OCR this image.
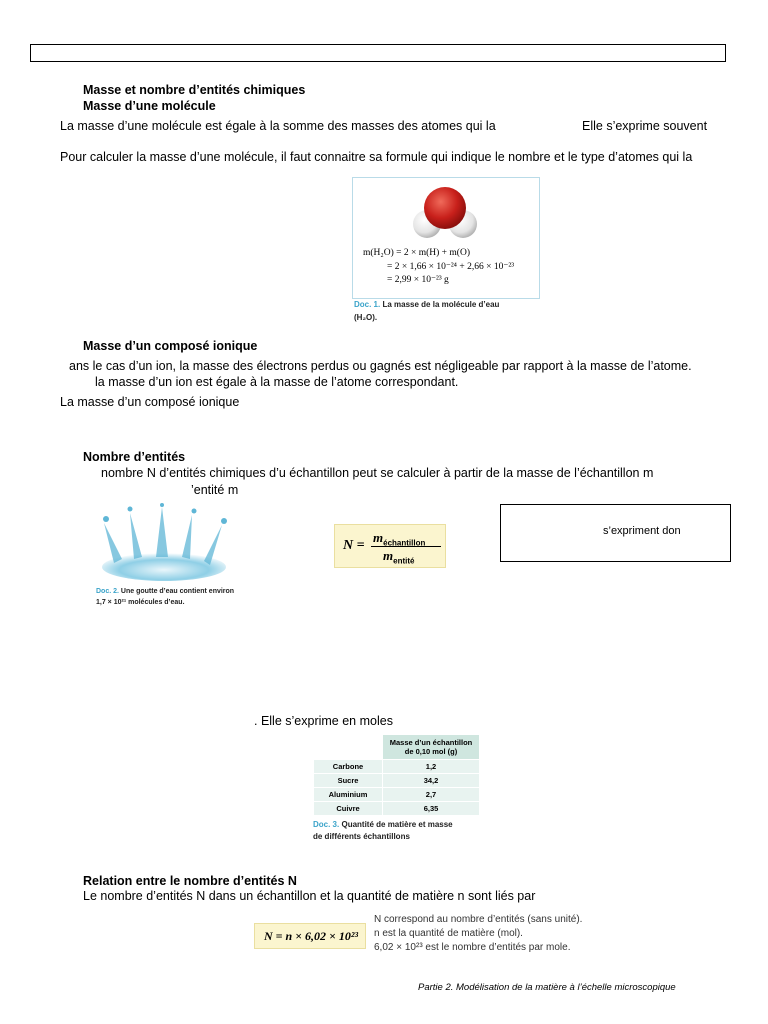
Masse et nombre d’entités chimiques
Masse d’une molécule
La masse d’une molécule est égale à la somme des masses des atomes qui la	Elle s’exprime souvent
Pour calculer la masse d’une molécule, il faut connaitre sa formule qui indique le nombre et le type d’atomes qui la
m(H₂O) = 2 × m(H) + m(O)
= 2 × 1,66 × 10⁻²⁴ + 2,66 × 10⁻²³
= 2,99 × 10⁻²³ g
Doc. 1. La masse de la molécule d’eau
(H₂O).
Masse d’un composé ionique
ans le cas d’un ion, la masse des électrons perdus ou gagnés est négligeable par rapport à la masse de l’atome.
la masse d’un ion est égale à la masse de l’atome correspondant.
La masse d’un composé ionique
Nombre d’entités
nombre N d’entités chimiques d’u échantillon peut se calculer à partir de la masse de l’échantillon m
’entité m
Doc. 2. Une goutte d’eau contient environ
1,7 × 10²¹ molécules d’eau.
N =
$m_{échantillon}$
$m_{entité}$
s’expriment don
. Elle s’exprime en moles

	Masse d’un échantillon
de 0,10 mol (g)

Carbone	1,2
Sucre	34,2
Aluminium	2,7
Cuivre	6,35
Doc. 3. Quantité de matière et masse
de différents échantillons
Relation entre le nombre d’entités N
Le nombre d’entités N dans un échantillon et la quantité de matière n sont liés par
N = n × 6,02 × 10²³
N correspond au nombre d’entités (sans unité).
n est la quantité de matière (mol).
6,02 × 10²³ est le nombre d’entités par mole.
Partie 2. Modélisation de la matière à l’échelle microscopique
